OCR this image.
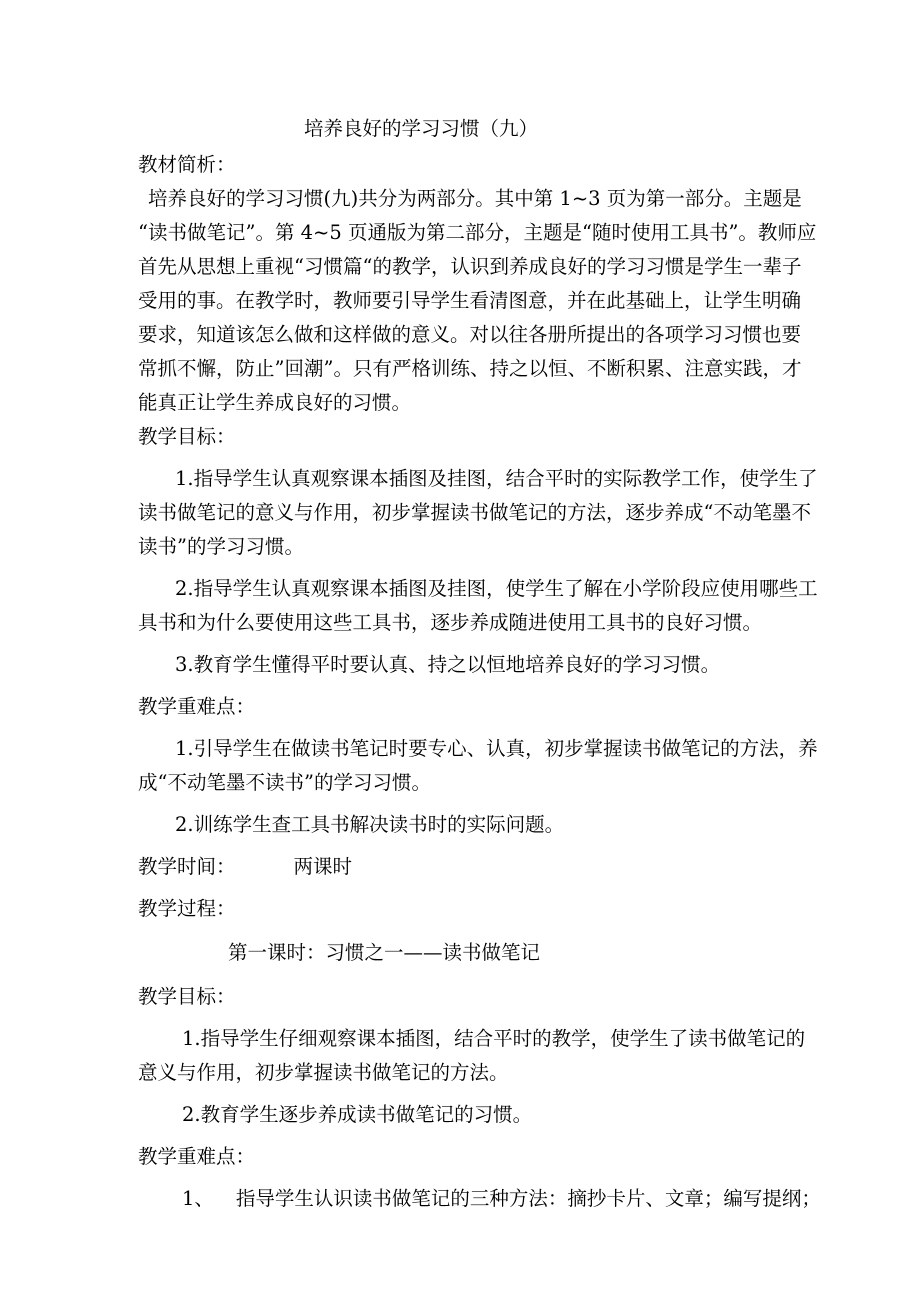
培养良好的学习习惯（九）
教材简析：
培养良好的学习习惯(九)共分为两部分。其中第 1~3 页为第一部分。主题是
“读书做笔记”。第 4~5 页通版为第二部分，主题是“随时使用工具书”。教师应
首先从思想上重视“习惯篇“的教学，认识到养成良好的学习习惯是学生一辈子
受用的事。在教学时，教师要引导学生看清图意，并在此基础上，让学生明确
要求，知道该怎么做和这样做的意义。对以往各册所提出的各项学习习惯也要
常抓不懈，防止”回潮”。只有严格训练、持之以恒、不断积累、注意实践，才
能真正让学生养成良好的习惯。
教学目标：
1.指导学生认真观察课本插图及挂图，结合平时的实际教学工作，使学生了
读书做笔记的意义与作用，初步掌握读书做笔记的方法，逐步养成“不动笔墨不
读书”的学习习惯。
2.指导学生认真观察课本插图及挂图，使学生了解在小学阶段应使用哪些工
具书和为什么要使用这些工具书，逐步养成随进使用工具书的良好习惯。
3.教育学生懂得平时要认真、持之以恒地培养良好的学习习惯。
教学重难点：
1.引导学生在做读书笔记时要专心、认真，初步掌握读书做笔记的方法，养
成“不动笔墨不读书”的学习习惯。
2.训练学生查工具书解决读书时的实际问题。
教学时间：	两课时
教学过程：
第一课时：习惯之一——读书做笔记
教学目标：
1.指导学生仔细观察课本插图，结合平时的教学，使学生了读书做笔记的
意义与作用，初步掌握读书做笔记的方法。
2.教育学生逐步养成读书做笔记的习惯。
教学重难点：
1、 指导学生认识读书做笔记的三种方法：摘抄卡片、文章；编写提纲；
